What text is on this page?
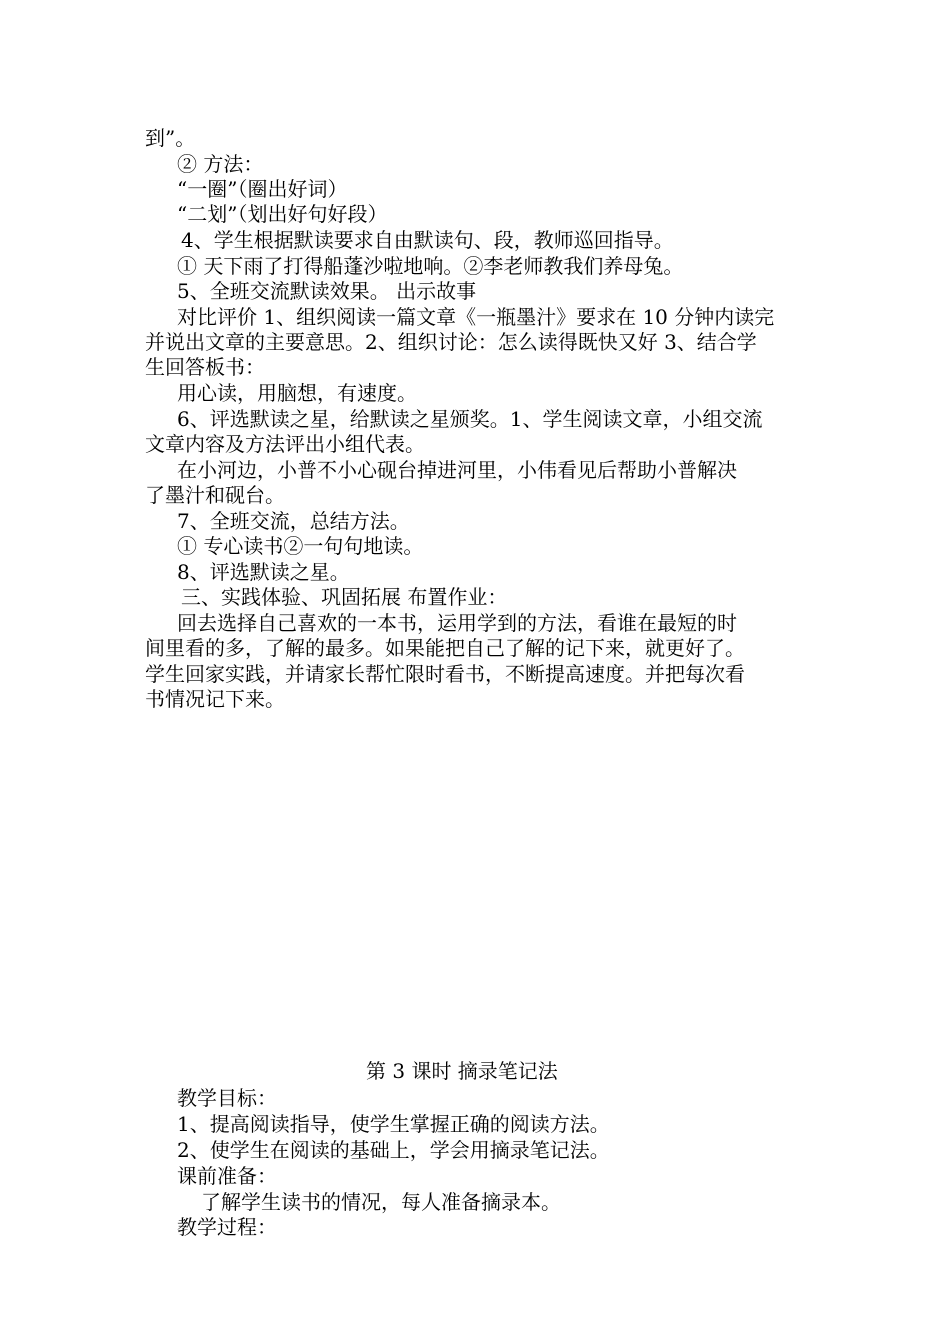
到”。
② 方法：
“一圈”（圈出好词）
“二划”（划出好句好段）
4、学生根据默读要求自由默读句、段，教师巡回指导。
① 天下雨了打得船蓬沙啦地响。②李老师教我们养母兔。
5、全班交流默读效果。 出示故事
对比评价 1、组织阅读一篇文章《一瓶墨汁》要求在 10 分钟内读完
并说出文章的主要意思。2、组织讨论：怎么读得既快又好 3、结合学
生回答板书：
用心读，用脑想，有速度。
6、评选默读之星，给默读之星颁奖。1、学生阅读文章，小组交流
文章内容及方法评出小组代表。
在小河边，小普不小心砚台掉进河里，小伟看见后帮助小普解决
了墨汁和砚台。
7、全班交流，总结方法。
① 专心读书②一句句地读。
8、评选默读之星。
三、实践体验、巩固拓展 布置作业：
回去选择自己喜欢的一本书，运用学到的方法，看谁在最短的时
间里看的多，了解的最多。如果能把自己了解的记下来，就更好了。
学生回家实践，并请家长帮忙限时看书，不断提高速度。并把每次看
书情况记下来。
第 3 课时 摘录笔记法
教学目标：
1、提高阅读指导，使学生掌握正确的阅读方法。
2、使学生在阅读的基础上，学会用摘录笔记法。
课前准备：
了解学生读书的情况，每人准备摘录本。
教学过程：
